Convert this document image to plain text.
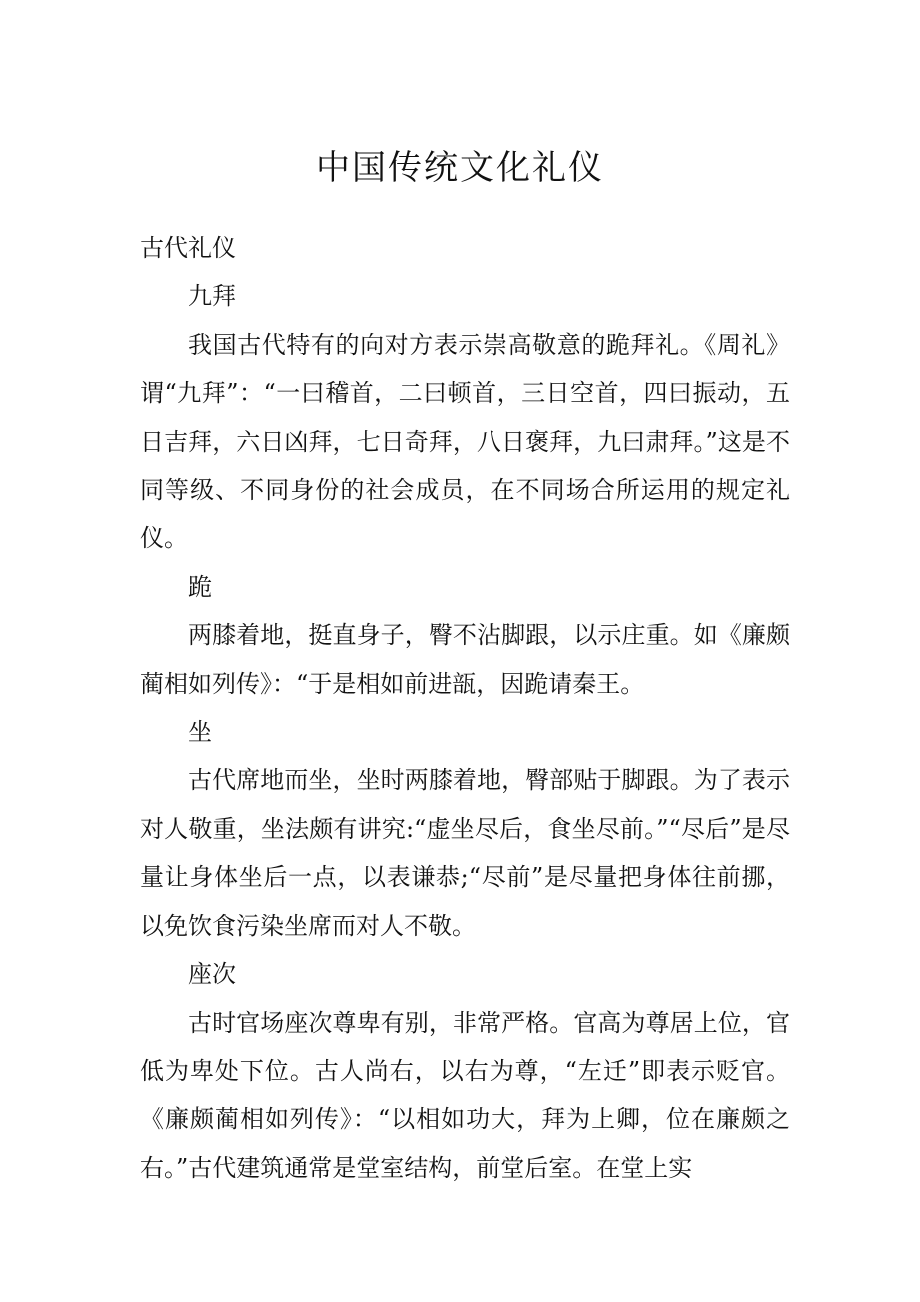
中国传统文化礼仪

古代礼仪

九拜

我国古代特有的向对方表示崇高敬意的跪拜礼。《周礼》谓“九拜”：“一曰稽首，二曰顿首，三日空首，四曰振动，五日吉拜，六日凶拜，七日奇拜，八日褒拜，九曰肃拜。”这是不同等级、不同身份的社会成员，在不同场合所运用的规定礼仪。

跪

两膝着地，挺直身子，臀不沾脚跟，以示庄重。如《廉颇蔺相如列传》：“于是相如前进瓿，因跪请秦王。

坐

古代席地而坐，坐时两膝着地，臀部贴于脚跟。为了表示对人敬重，坐法颇有讲究:“虚坐尽后，食坐尽前。”“尽后”是尽量让身体坐后一点，以表谦恭;“尽前”是尽量把身体往前挪，以免饮食污染坐席而对人不敬。

座次

古时官场座次尊卑有别，非常严格。官高为尊居上位，官低为卑处下位。古人尚右，以右为尊，“左迁”即表示贬官。《廉颇蔺相如列传》：“以相如功大，拜为上卿，位在廉颇之右。”古代建筑通常是堂室结构，前堂后室。在堂上实
